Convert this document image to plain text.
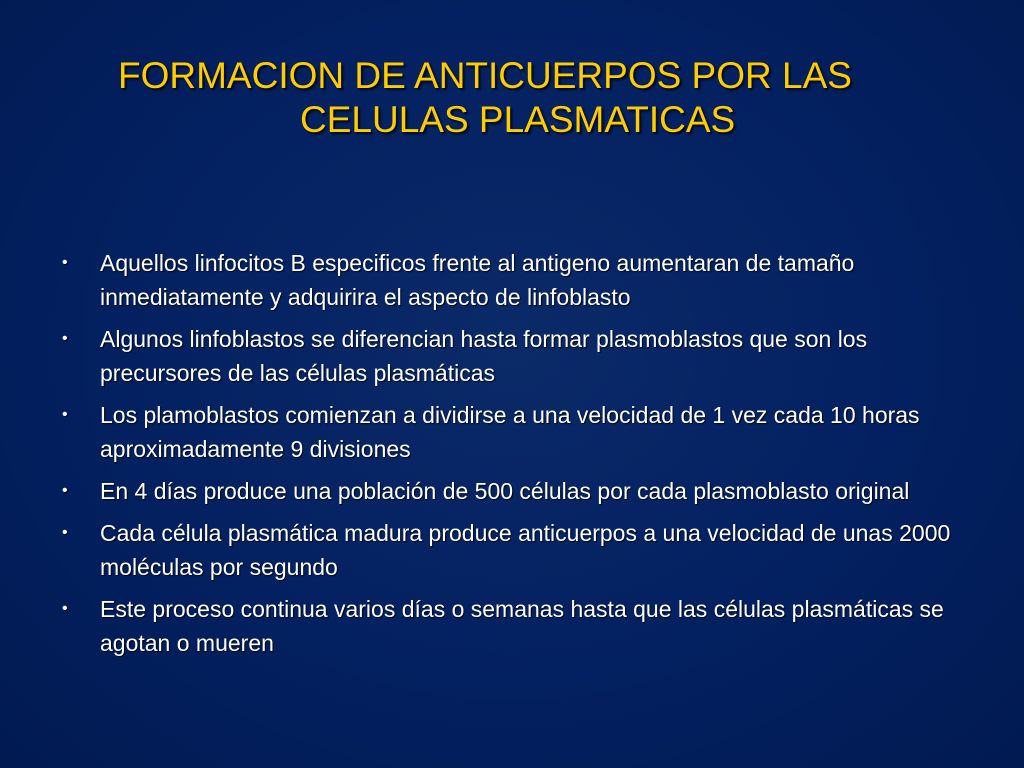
FORMACION DE ANTICUERPOS POR LAS
CELULAS PLASMATICAS
• Aquellos linfocitos B especificos frente al antigeno aumentaran de tamaño inmediatamente y adquirira el aspecto de linfoblasto
• Algunos linfoblastos se diferencian hasta formar plasmoblastos que son los precursores de las células plasmáticas
• Los plamoblastos comienzan a dividirse a una velocidad de 1 vez cada 10 horas aproximadamente 9 divisiones
• En 4 días produce una población de 500 células por cada plasmoblasto original
• Cada célula plasmática madura produce anticuerpos a una velocidad de unas 2000 moléculas por segundo
• Este proceso continua varios días o semanas hasta que las células plasmáticas se agotan o mueren
